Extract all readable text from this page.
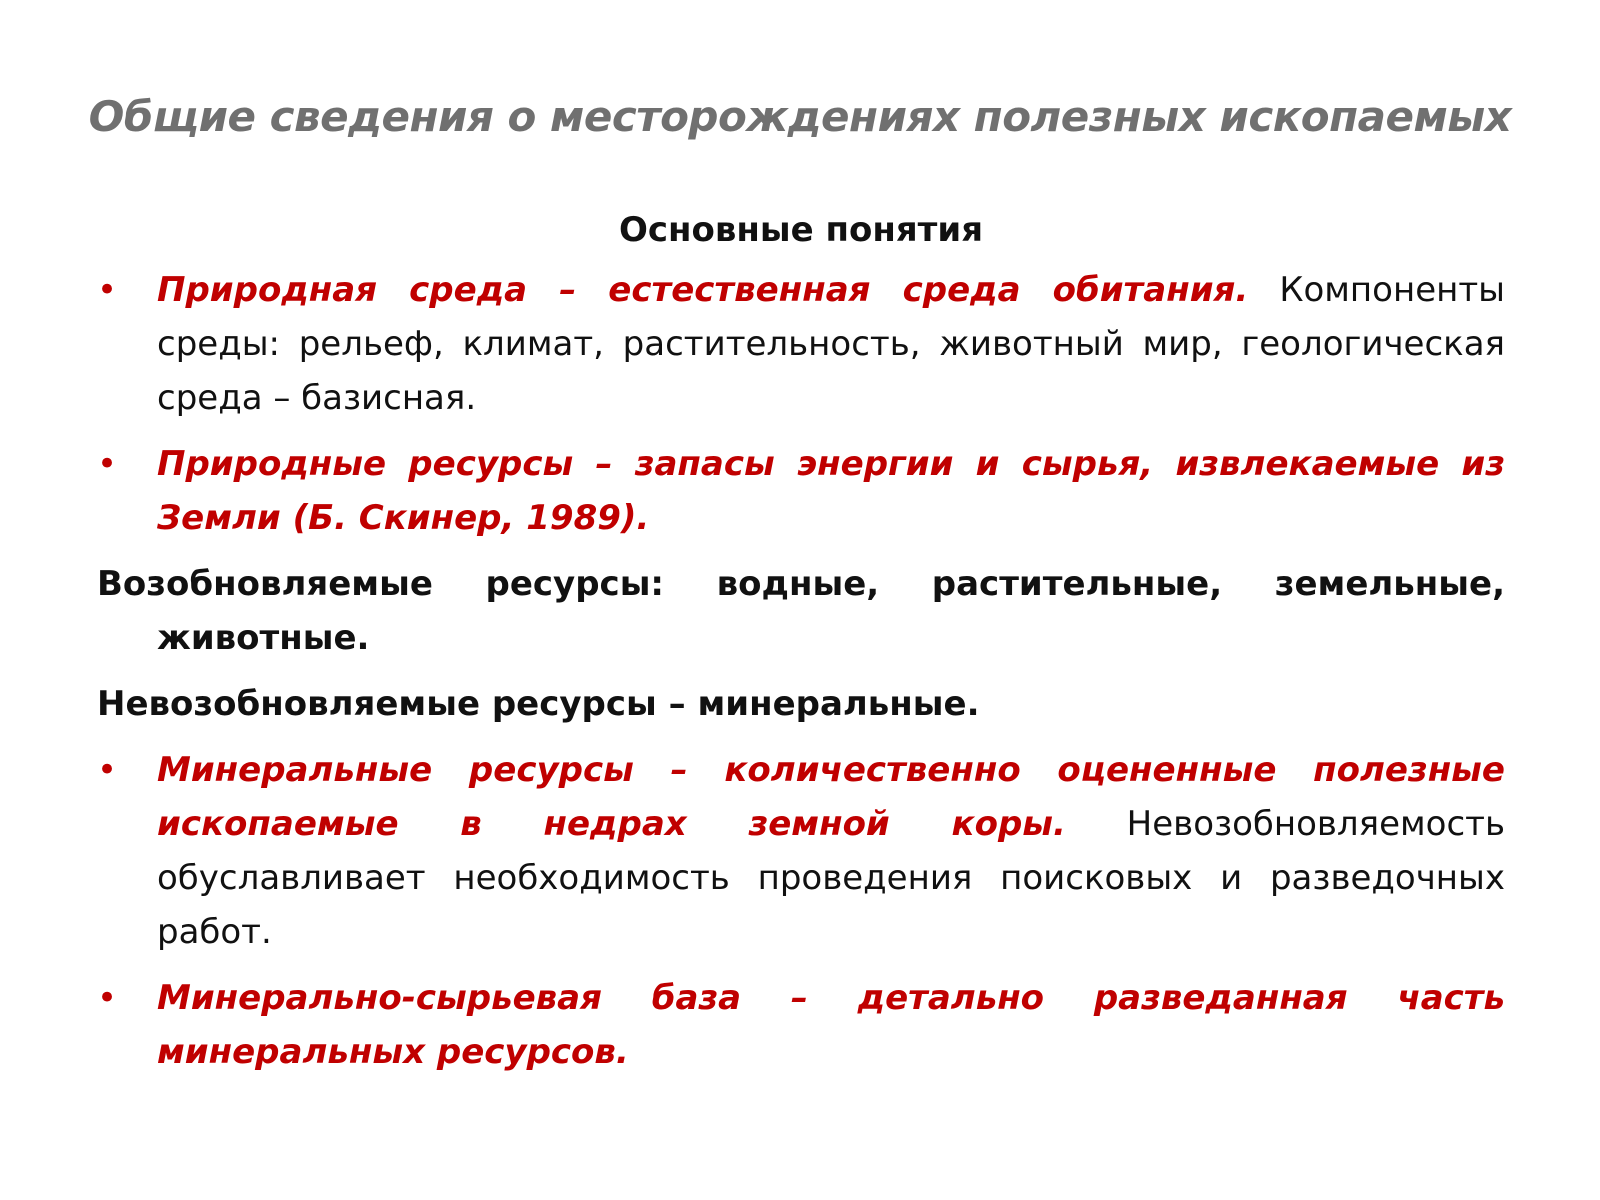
Общие сведения о месторождениях полезных ископаемых
Основные понятия
• Природная среда – естественная среда обитания. Компоненты среды: рельеф, климат, растительность, животный мир, геологическая среда – базисная.
• Природные ресурсы – запасы энергии и сырья, извлекаемые из Земли (Б. Скинер, 1989).
Возобновляемые ресурсы: водные, растительные, земельные, животные.
Невозобновляемые ресурсы – минеральные.
• Минеральные ресурсы – количественно оцененные полезные ископаемые в недрах земной коры. Невозобновляемость обуславливает необходимость проведения поисковых и разведочных работ.
• Минерально-сырьевая база – детально разведанная часть минеральных ресурсов.
